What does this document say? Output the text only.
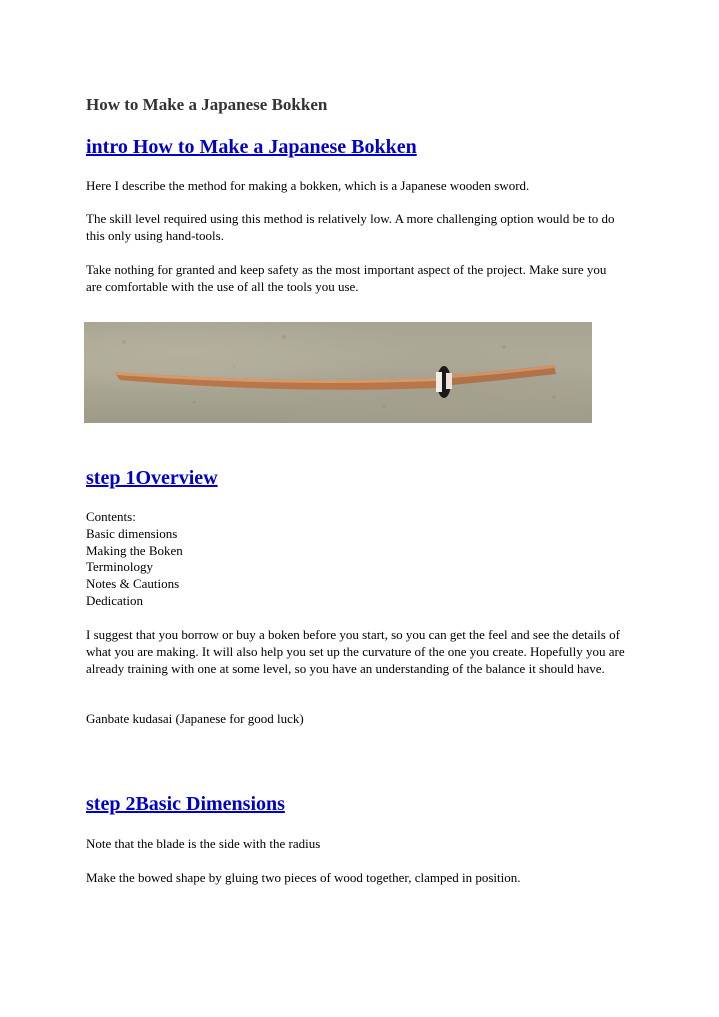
How to Make a Japanese Bokken
intro How to Make a Japanese Bokken

Here I describe the method for making a bokken, which is a Japanese wooden sword.

The skill level required using this method is relatively low. A more challenging option would be to do this only using hand-tools.

Take nothing for granted and keep safety as the most important aspect of the project. Make sure you are comfortable with the use of all the tools you use.

step 1Overview

Contents:

Basic dimensions

Making the Boken

Terminology

Notes & Cautions

Dedication

I suggest that you borrow or buy a boken before you start, so you can get the feel and see the details of what you are making. It will also help you set up the curvature of the one you create. Hopefully you are already training with one at some level, so you have an understanding of the balance it should have.

Ganbate kudasai (Japanese for good luck)

step 2Basic Dimensions

Note that the blade is the side with the radius

Make the bowed shape by gluing two pieces of wood together, clamped in position.
